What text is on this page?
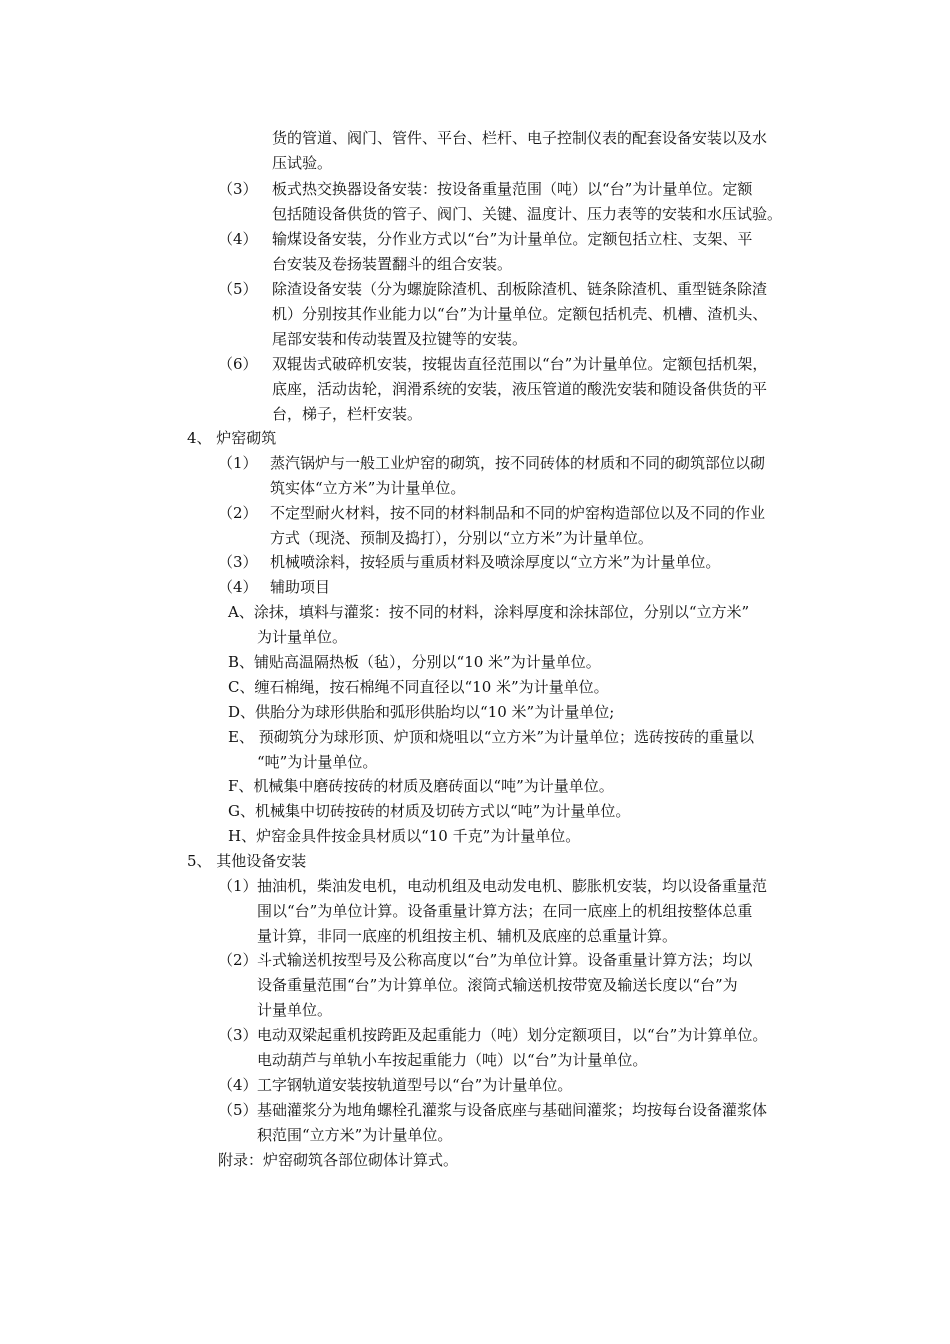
货的管道、阀门、管件、平台、栏杆、电子控制仪表的配套设备安装以及水
压试验。
（3） 板式热交换器设备安装：按设备重量范围（吨）以“台”为计量单位。定额
包括随设备供货的管子、阀门、关键、温度计、压力表等的安装和水压试验。
（4） 输煤设备安装，分作业方式以“台”为计量单位。定额包括立柱、支架、平
台安装及卷扬装置翻斗的组合安装。
（5） 除渣设备安装（分为螺旋除渣机、刮板除渣机、链条除渣机、重型链条除渣
机）分别按其作业能力以“台”为计量单位。定额包括机壳、机槽、渣机头、
尾部安装和传动装置及拉键等的安装。
（6） 双辊齿式破碎机安装，按辊齿直径范围以“台”为计量单位。定额包括机架，
底座，活动齿轮，润滑系统的安装，液压管道的酸洗安装和随设备供货的平
台，梯子，栏杆安装。
4、 炉窑砌筑
（1） 蒸汽锅炉与一般工业炉窑的砌筑，按不同砖体的材质和不同的砌筑部位以砌
筑实体“立方米”为计量单位。
（2） 不定型耐火材料，按不同的材料制品和不同的炉窑构造部位以及不同的作业
方式（现浇、预制及捣打），分别以“立方米”为计量单位。
（3） 机械喷涂料，按轻质与重质材料及喷涂厚度以“立方米”为计量单位。
（4） 辅助项目
A、涂抹，填料与灌浆：按不同的材料，涂料厚度和涂抹部位，分别以“立方米”
为计量单位。
B、铺贴高温隔热板（毡），分别以“10 米”为计量单位。
C、缠石棉绳，按石棉绳不同直径以“10 米”为计量单位。
D、供胎分为球形供胎和弧形供胎均以“10 米”为计量单位;
E、 预砌筑分为球形顶、炉顶和烧咀以“立方米”为计量单位；选砖按砖的重量以
“吨”为计量单位。
F、机械集中磨砖按砖的材质及磨砖面以“吨”为计量单位。
G、机械集中切砖按砖的材质及切砖方式以“吨”为计量单位。
H、炉窑金具件按金具材质以“10 千克”为计量单位。
5、 其他设备安装
（1） 抽油机，柴油发电机，电动机组及电动发电机、膨胀机安装，均以设备重量范
围以“台”为单位计算。设备重量计算方法；在同一底座上的机组按整体总重
量计算，非同一底座的机组按主机、辅机及底座的总重量计算。
（2） 斗式输送机按型号及公称高度以“台”为单位计算。设备重量计算方法；均以
设备重量范围“台”为计算单位。滚筒式输送机按带宽及输送长度以“台”为
计量单位。
（3） 电动双梁起重机按跨距及起重能力（吨）划分定额项目，以“台”为计算单位。
电动葫芦与单轨小车按起重能力（吨）以“台”为计量单位。
（4） 工字钢轨道安装按轨道型号以“台”为计量单位。
（5） 基础灌浆分为地角螺栓孔灌浆与设备底座与基础间灌浆；均按每台设备灌浆体
积范围“立方米”为计量单位。
附录：炉窑砌筑各部位砌体计算式。
